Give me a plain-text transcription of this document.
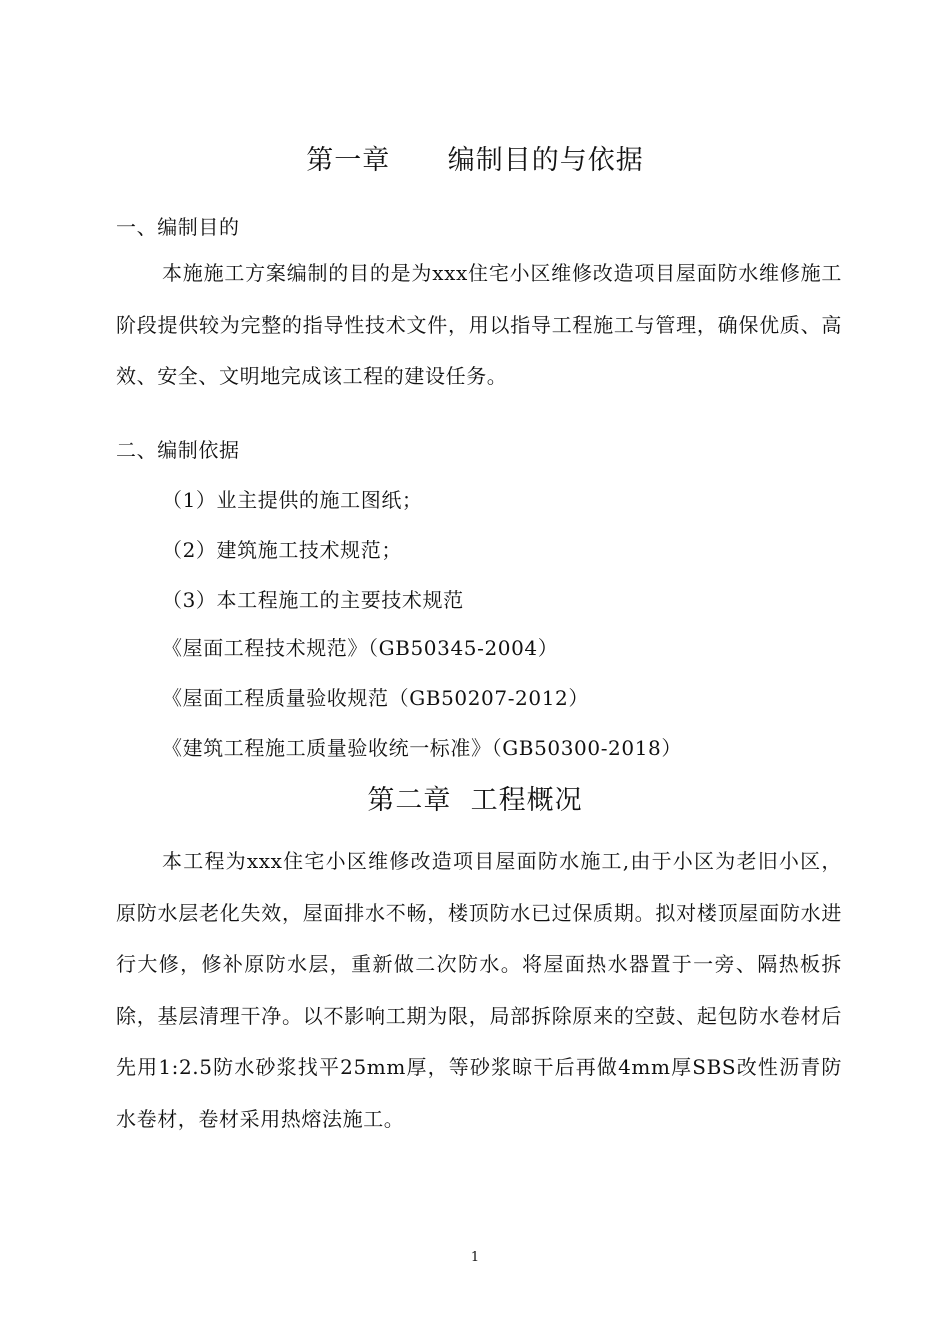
第一章      编制目的与依据
一、编制目的
本施施工方案编制的目的是为xxx住宅小区维修改造项目屋面防水维修施工阶段提供较为完整的指导性技术文件，用以指导工程施工与管理，确保优质、高效、安全、文明地完成该工程的建设任务。
二、编制依据
（1）业主提供的施工图纸；
（2）建筑施工技术规范；
（3）本工程施工的主要技术规范
《屋面工程技术规范》（GB50345-2004）
《屋面工程质量验收规范（GB50207-2012）
《建筑工程施工质量验收统一标准》（GB50300-2018）
第二章  工程概况
本工程为xxx住宅小区维修改造项目屋面防水施工,由于小区为老旧小区，原防水层老化失效，屋面排水不畅，楼顶防水已过保质期。拟对楼顶屋面防水进行大修，修补原防水层，重新做二次防水。将屋面热水器置于一旁、隔热板拆除，基层清理干净。以不影响工期为限，局部拆除原来的空鼓、起包防水卷材后先用1:2.5防水砂浆找平25mm厚，等砂浆晾干后再做4mm厚SBS改性沥青防水卷材，卷材采用热熔法施工。
1
